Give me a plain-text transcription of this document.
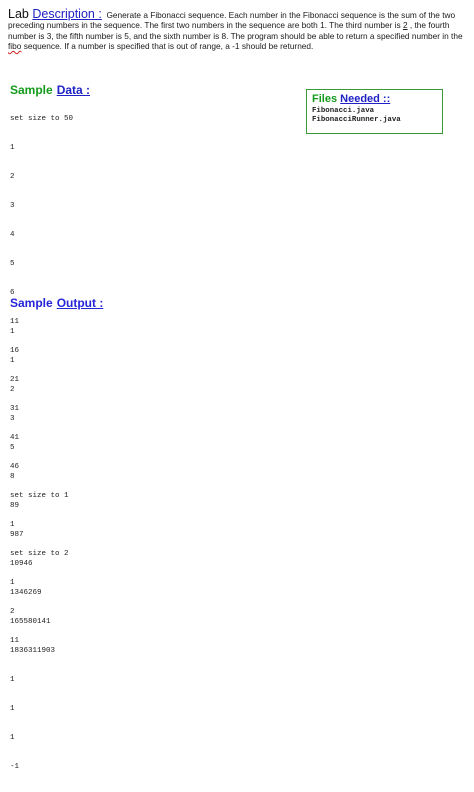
Lab Description : Generate a Fibonacci sequence. Each number in the Fibonacci sequence is the sum of the two preceding numbers in the sequence. The first two numbers in the sequence are both 1. The third number is 2 , the fourth number is 3, the fifth number is 5, and the sixth number is 8. The program should be able to return a specified number in the fibo sequence. If a number is specified that is out of range, a -1 should be returned.
Sample Data :

set size to 50

1

2

3

4

5

6

11

16

21

31

41

46

set size to 1

1

set size to 2

1

2

11

Files Needed ::
Fibonacci.java
FibonacciRunner.java
Sample Output :

1

1

2

3

5

8

89

987

10946

1346269

165580141

1836311903

1

1

1

-1
